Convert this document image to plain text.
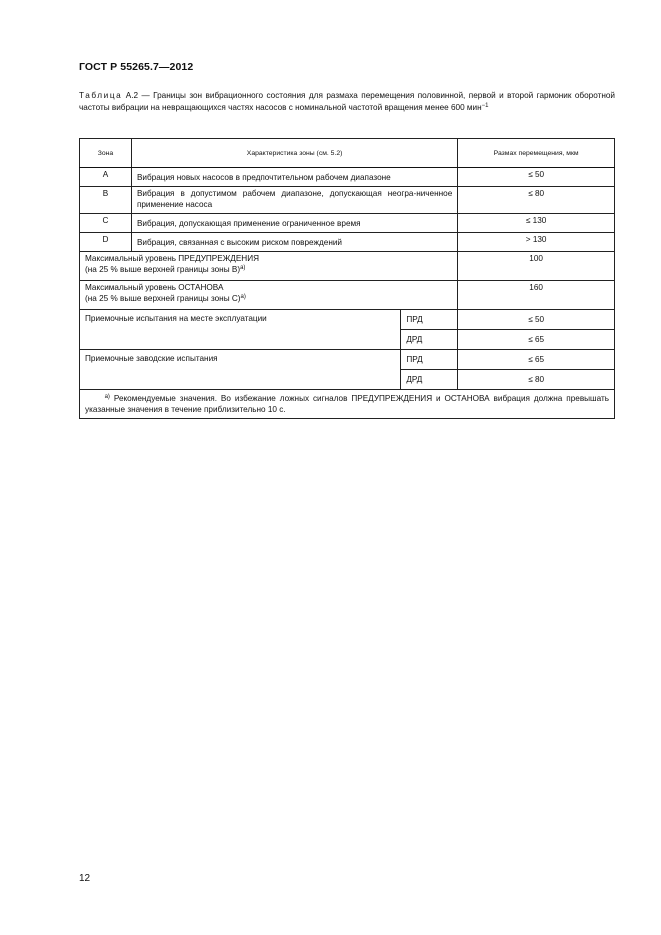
ГОСТ Р 55265.7—2012
Таблица А.2 — Границы зон вибрационного состояния для размаха перемещения половинной, первой и второй гармоник оборотной частоты вибрации на невращающихся частях насосов с номинальной частотой вращения менее 600 мин$^{-1}$
Зона	Характеристика зоны (см. 5.2)		Размах перемещения, мкм
A	Вибрация новых насосов в предпочтительном рабочем диапазоне		≤ 50
B	Вибрация в допустимом рабочем диапазоне, допускающая неогра-ниченное применение насоса		≤ 80
C	Вибрация, допускающая применение ограниченное время		≤ 130
D	Вибрация, связанная с высоким риском повреждений		> 130
Максимальный уровень ПРЕДУПРЕЖДЕНИЯ
(на 25 % выше верхней границы зоны B)$^{a)}$			100
Максимальный уровень ОСТАНОВА
(на 25 % выше верхней границы зоны C)$^{a)}$			160
Приемочные испытания на месте эксплуатации		ПРД	≤ 50
		ДРД	≤ 65
Приемочные заводские испытания		ПРД	≤ 65
		ДРД	≤ 80
$^{а)}$ Рекомендуемые значения. Во избежание ложных сигналов ПРЕДУПРЕЖДЕНИЯ и ОСТАНОВА вибрация должна превышать указанные значения в течение приблизительно 10 с.			
12
